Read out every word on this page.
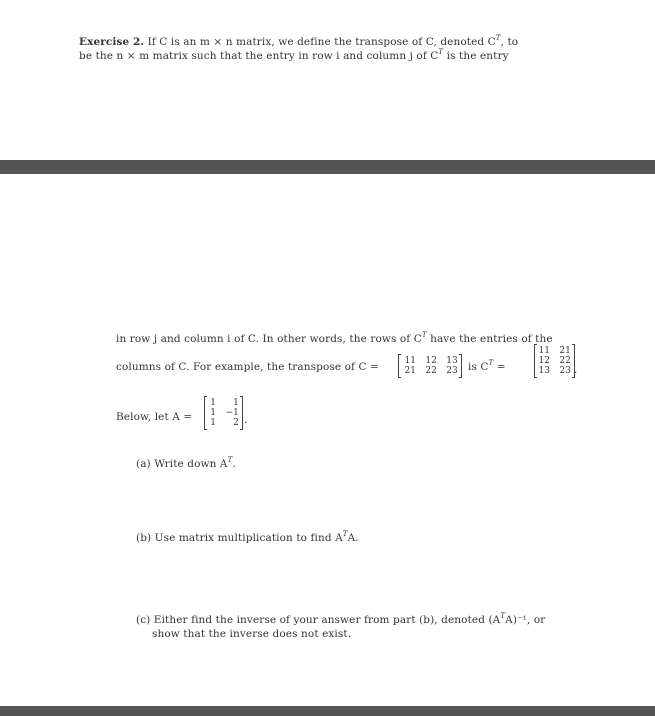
Exercise 2. If C is an m × n matrix, we define the transpose of C, denoted $C^T$, to
be the n × m matrix such that the entry in row i and column j of $C^T$ is the entry
in row j and column i of C. In other words, the rows of $C^T$ have the entries of the
columns of C. For example, the transpose of C =	11 12 13
21 22 23 is $C^T$ =
11 21
12 22
13 23 .
Below, let A =
1 1
1 −1
1 2 .
(a) Write down $A^T$.
(b) Use matrix multiplication to find $A^TA$.
(c) Either find the inverse of your answer from part (b), denoted $(A^TA)^{-1}$, or
show that the inverse does not exist.
